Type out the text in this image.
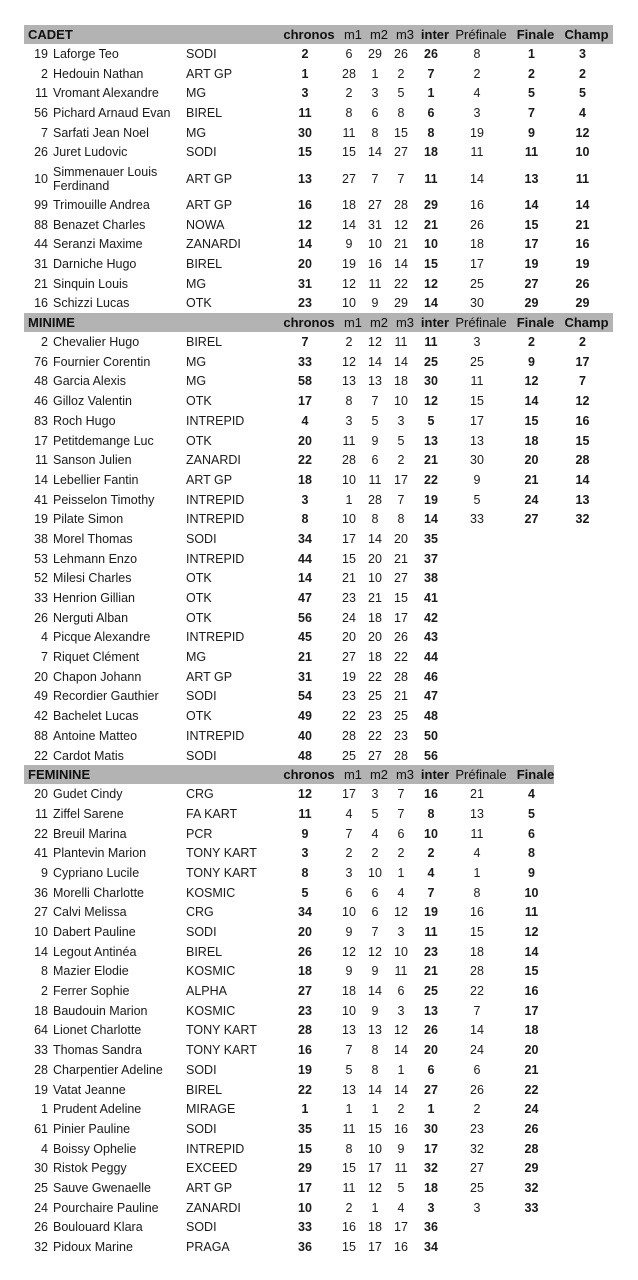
CADET	chronos m1 m2 m3 inter Préfinale Finale Champ
19 Laforge Teo	SODI	2	6	29 26	26	8	1	3
2 Hedouin Nathan	ART GP	1	28	1	2	7	2	2	2
11 Vromant Alexandre	MG	3	2	3	5	1	4	5	5
56 Pichard Arnaud Evan	BIREL	11	8	6	8	6	3	7	4
7 Sarfati Jean Noel	MG	30	11	8	15	8	19	9	12
26 Juret Ludovic	SODI	15	15 14 27	18	11	11	10
10 Simmenauer Louis Ferdinand	ART GP	13	27	7	7	11	14	13	11
99 Trimouille Andrea	ART GP	16	18 27 28	29	16	14	14
88 Benazet Charles	NOWA	12	14 31 12	21	26	15	21
44 Seranzi Maxime	ZANARDI	14	9	10 21	10	18	17	16
31 Darniche Hugo	BIREL	20	19 16 14	15	17	19	19
21 Sinquin Louis	MG	31	12	11	22	12	25	27	26
16 Schizzi Lucas	OTK	23	10	9	29	14	30	29	29
MINIME	chronos m1 m2 m3 inter Préfinale Finale Champ
2 Chevalier Hugo	BIREL	7	2	12	11	11	3	2	2
76 Fournier Corentin	MG	33	12 14 14	25	25	9	17
48 Garcia Alexis	MG	58	13 13 18	30	11	12	7
46 Gilloz Valentin	OTK	17	8	7	10	12	15	14	12
83 Roch Hugo	INTREPID	4	3	5	3	5	17	15	16
17 Petitdemange Luc	OTK	20	11	9	5	13	13	18	15
11 Sanson Julien	ZANARDI	22	28	6	2	21	30	20	28
14 Lebellier Fantin	ART GP	18	10	11	17	22	9	21	14
41 Peisselon Timothy	INTREPID	3	1	28	7	19	5	24	13
19 Pilate Simon	INTREPID	8	10	8	8	14	33	27	32
38 Morel Thomas	SODI	34	17 14 20	35
53 Lehmann Enzo	INTREPID	44	15 20 21	37
52 Milesi Charles	OTK	14	21 10 27	38
33 Henrion Gillian	OTK	47	23 21 15	41
26 Nerguti Alban	OTK	56	24 18 17	42
4 Picque Alexandre	INTREPID	45	20 20 26	43
7 Riquet Clément	MG	21	27 18 22	44
20 Chapon Johann	ART GP	31	19 22 28	46
49 Recordier Gauthier	SODI	54	23 25 21	47
42 Bachelet Lucas	OTK	49	22 23 25	48
88 Antoine Matteo	INTREPID	40	28 22 23	50
22 Cardot Matis	SODI	48	25 27 28	56
FEMININE	chronos m1 m2 m3 inter Préfinale Finale
20 Gudet Cindy	CRG	12	17	3	7	16	21	4
11 Ziffel Sarene	FA KART	11	4	5	7	8	13	5
22 Breuil Marina	PCR	9	7	4	6	10	11	6
41 Plantevin Marion	TONY KART	3	2	2	2	2	4	8
9 Cypriano Lucile	TONY KART	8	3	10	1	4	1	9
36 Morelli Charlotte	KOSMIC	5	6	6	4	7	8	10
27 Calvi Melissa	CRG	34	10	6	12	19	16	11
10 Dabert Pauline	SODI	20	9	7	3	11	15	12
14 Legout Antinéa	BIREL	26	12 12 10	23	18	14
8 Mazier Elodie	KOSMIC	18	9	9	11	21	28	15
2 Ferrer Sophie	ALPHA	27	18 14	6	25	22	16
18 Baudouin Marion	KOSMIC	23	10	9	3	13	7	17
64 Lionet Charlotte	TONY KART	28	13 13 12	26	14	18
33 Thomas Sandra	TONY KART	16	7	8	14	20	24	20
28 Charpentier Adeline	SODI	19	5	8	1	6	6	21
19 Vatat Jeanne	BIREL	22	13 14 14	27	26	22
1 Prudent Adeline	MIRAGE	1	1	1	2	1	2	24
61 Pinier Pauline	SODI	35	11	15 16	30	23	26
4 Boissy Ophelie	INTREPID	15	8	10	9	17	32	28
30 Ristok Peggy	EXCEED	29	15 17	11	32	27	29
25 Sauve Gwenaelle	ART GP	17	11	12	5	18	25	32
24 Pourchaire Pauline	ZANARDI	10	2	1	4	3	3	33
26 Boulouard Klara	SODI	33	16 18 17	36
32 Pidoux Marine	PRAGA	36	15 17 16	34
